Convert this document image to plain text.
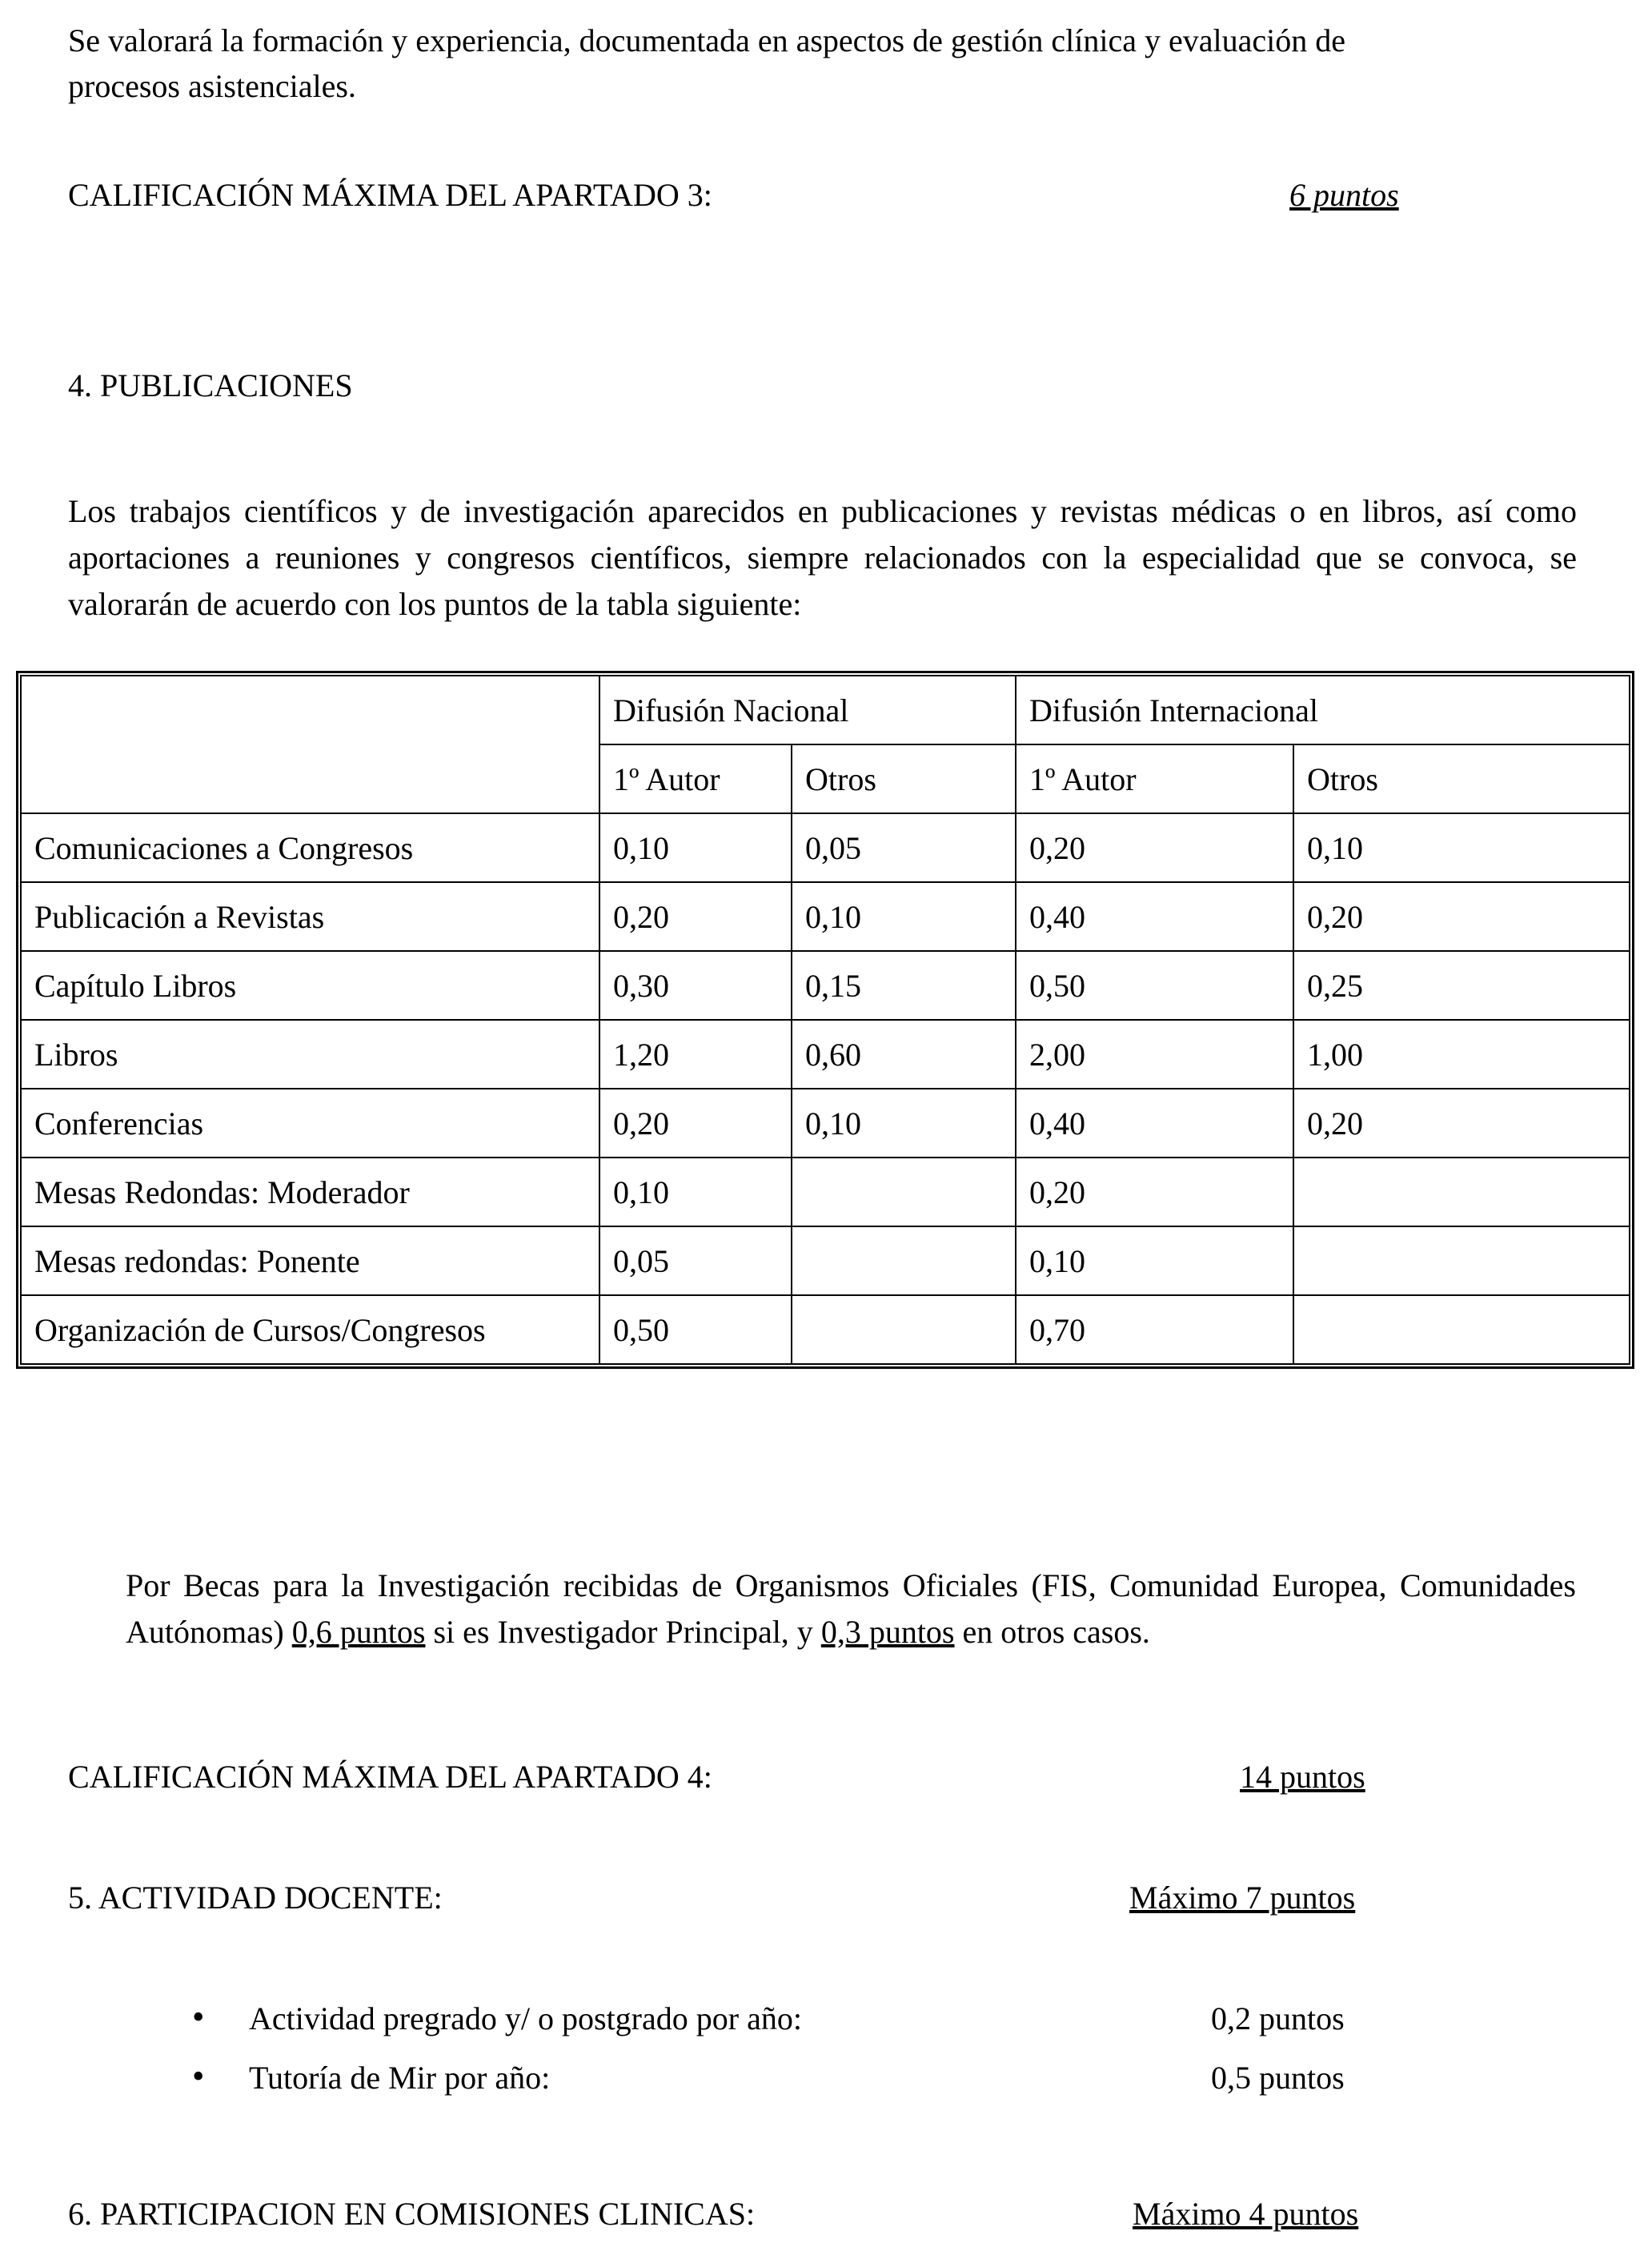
Se valorará la formación y experiencia, documentada en aspectos de gestión clínica y evaluación de procesos asistenciales.
CALIFICACIÓN MÁXIMA DEL APARTADO 3:	6 puntos
4. PUBLICACIONES
Los trabajos científicos y de investigación aparecidos en publicaciones y revistas médicas o en libros, así como aportaciones a reuniones y congresos científicos, siempre relacionados con la especialidad que se convoca, se valorarán de acuerdo con los puntos de la tabla siguiente:
	Difusión Nacional		Difusión Internacional	
	1º Autor	Otros	1º Autor	Otros
Comunicaciones a Congresos	0,10	0,05	0,20	0,10
Publicación a Revistas	0,20	0,10	0,40	0,20
Capítulo Libros	0,30	0,15	0,50	0,25
Libros	1,20	0,60	2,00	1,00
Conferencias	0,20	0,10	0,40	0,20
Mesas Redondas: Moderador	0,10		0,20	
Mesas redondas: Ponente	0,05		0,10	
Organización de Cursos/Congresos	0,50		0,70	
Por Becas para la Investigación recibidas de Organismos Oficiales (FIS, Comunidad Europea, Comunidades Autónomas) 0,6 puntos si es Investigador Principal, y 0,3 puntos en otros casos.
CALIFICACIÓN MÁXIMA DEL APARTADO 4:	14 puntos
5. ACTIVIDAD DOCENTE:	Máximo 7 puntos
• Actividad pregrado y/ o postgrado por año:	0,2 puntos
• Tutoría de Mir por año:	0,5 puntos
6. PARTICIPACION EN COMISIONES CLINICAS:	Máximo 4 puntos
